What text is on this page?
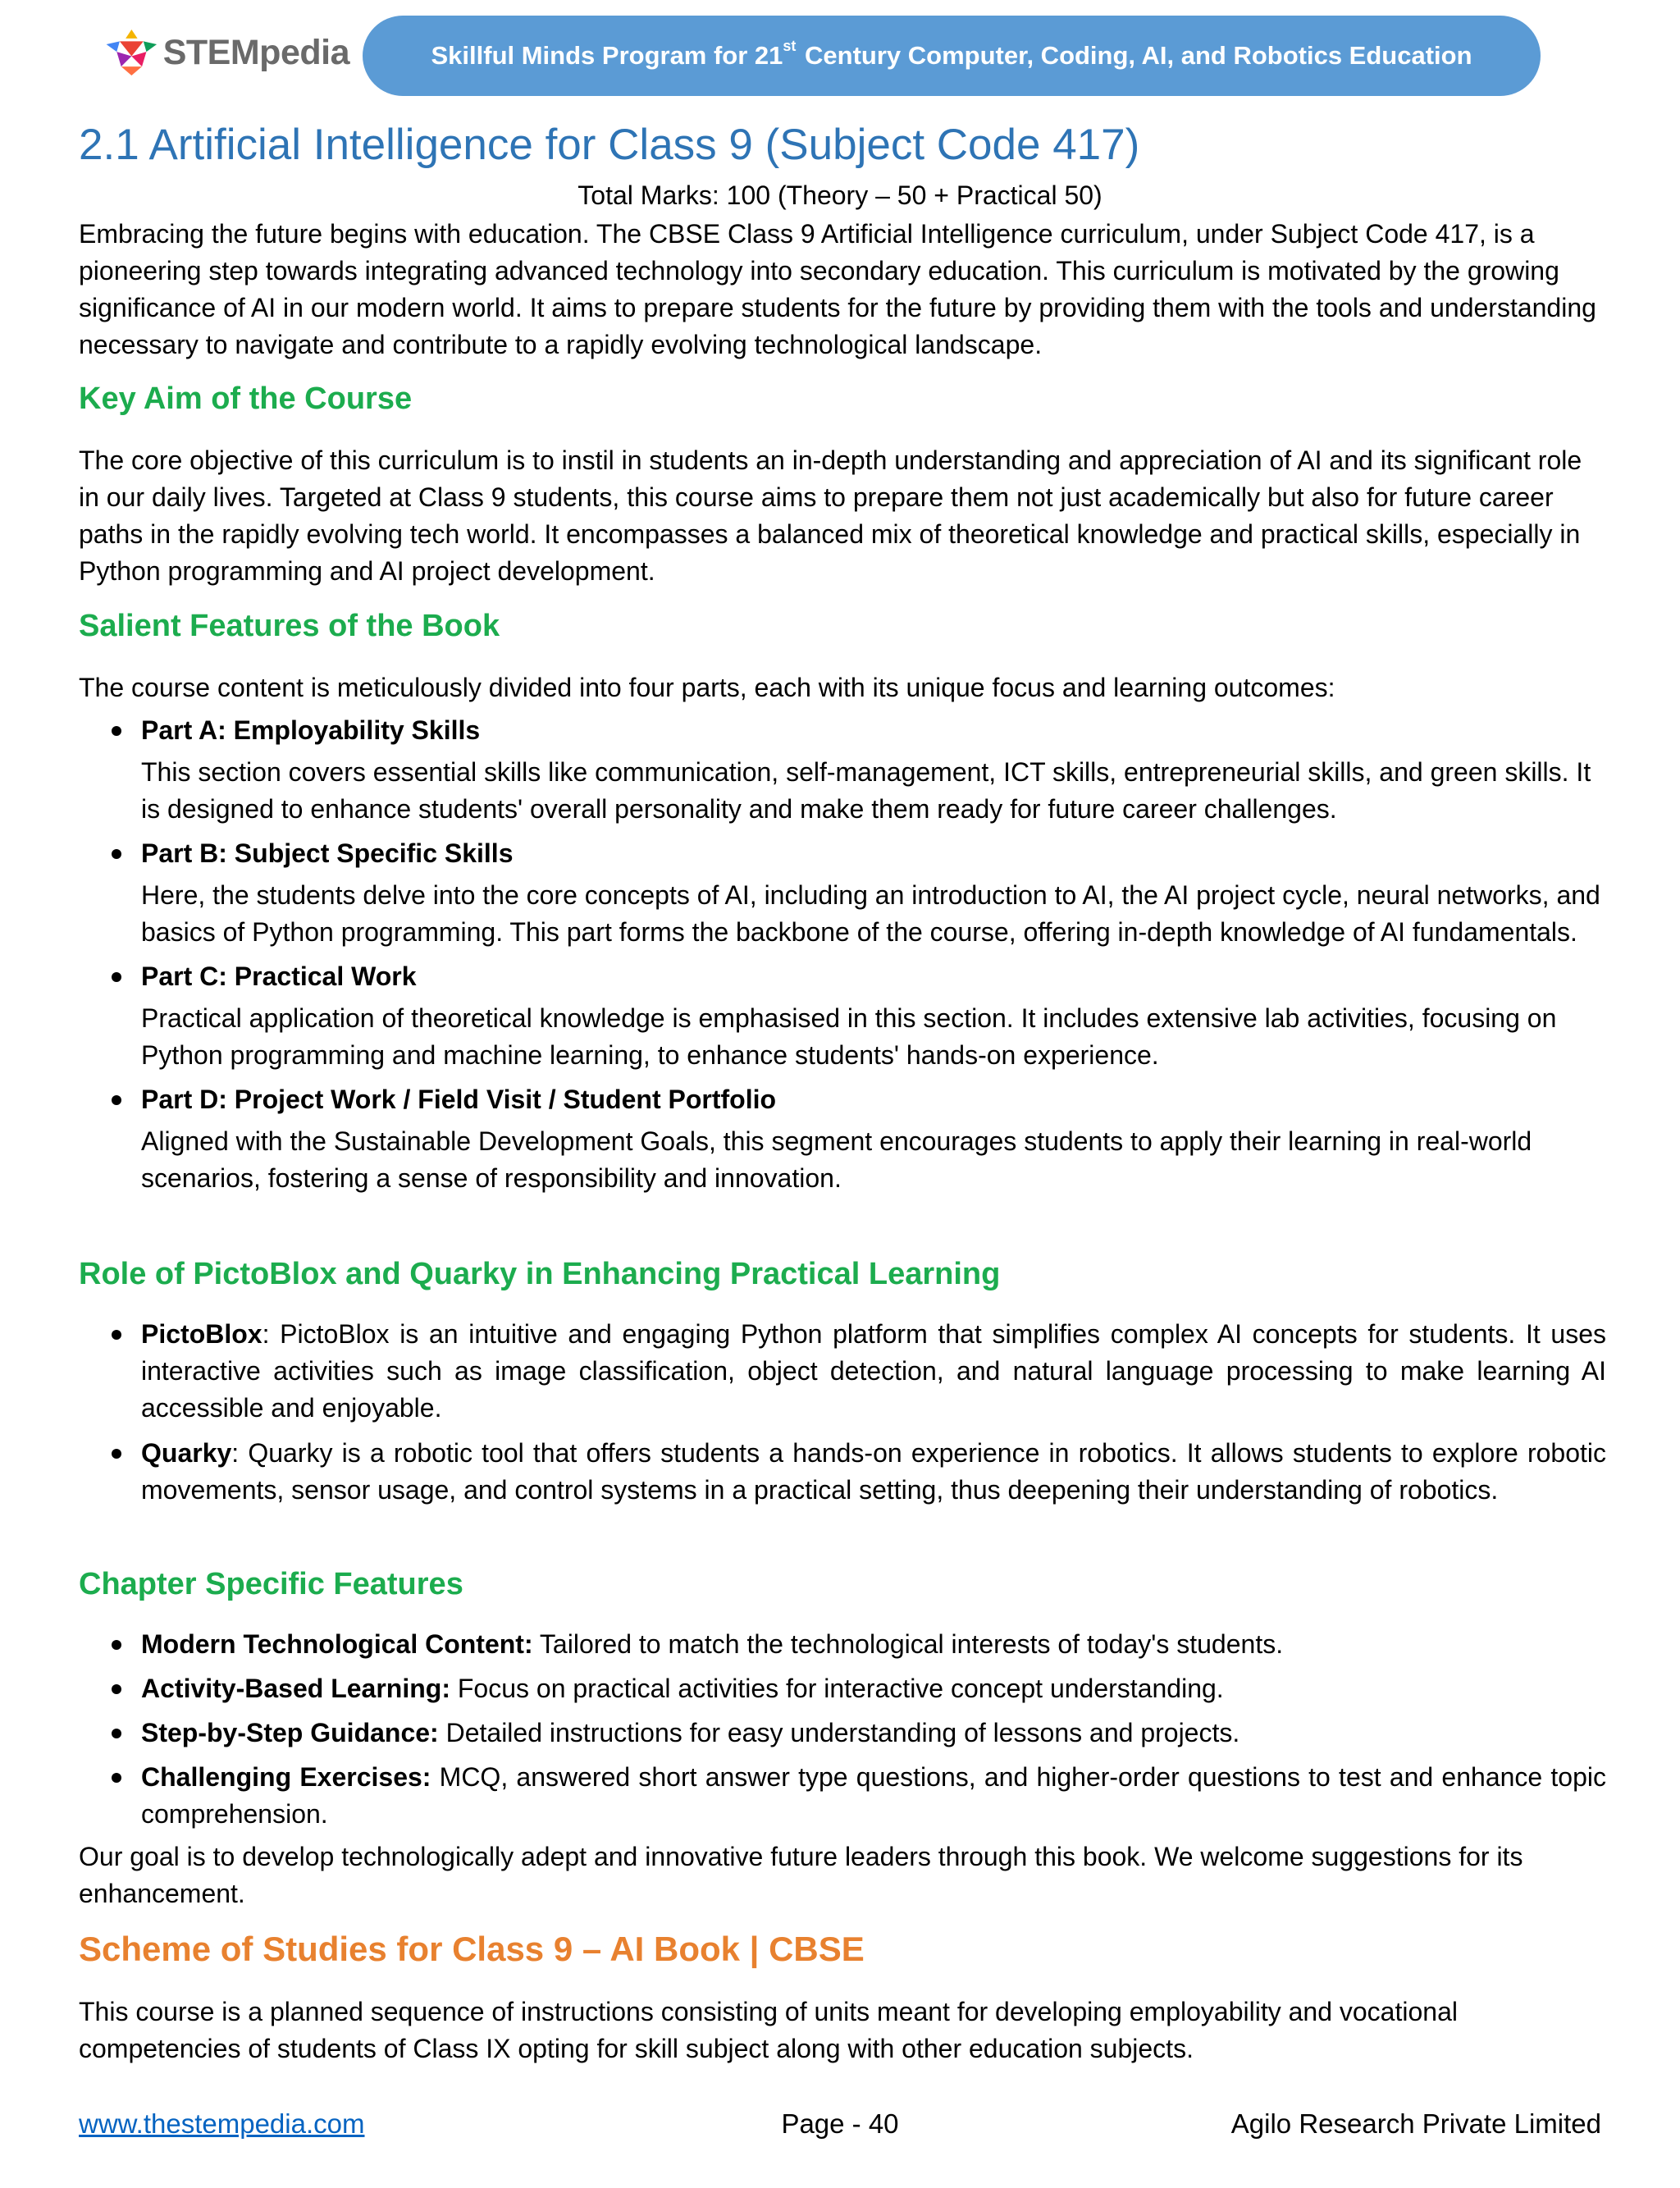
STEMpedia	Skillful Minds Program for 21st Century Computer, Coding, AI, and Robotics Education
2.1 Artificial Intelligence for Class 9 (Subject Code 417)
Total Marks: 100 (Theory – 50 + Practical 50)

Embracing the future begins with education. The CBSE Class 9 Artificial Intelligence curriculum, under Subject Code 417, is a pioneering step towards integrating advanced technology into secondary education. This curriculum is motivated by the growing significance of AI in our modern world. It aims to prepare students for the future by providing them with the tools and understanding necessary to navigate and contribute to a rapidly evolving technological landscape.

Key Aim of the Course

The core objective of this curriculum is to instil in students an in-depth understanding and appreciation of AI and its significant role in our daily lives. Targeted at Class 9 students, this course aims to prepare them not just academically but also for future career paths in the rapidly evolving tech world. It encompasses a balanced mix of theoretical knowledge and practical skills, especially in Python programming and AI project development.

Salient Features of the Book

The course content is meticulously divided into four parts, each with its unique focus and learning outcomes:

Part A: Employability Skills
This section covers essential skills like communication, self-management, ICT skills, entrepreneurial skills, and green skills. It is designed to enhance students' overall personality and make them ready for future career challenges.
Part B: Subject Specific Skills
Here, the students delve into the core concepts of AI, including an introduction to AI, the AI project cycle, neural networks, and basics of Python programming. This part forms the backbone of the course, offering in-depth knowledge of AI fundamentals.
Part C: Practical Work
Practical application of theoretical knowledge is emphasised in this section. It includes extensive lab activities, focusing on Python programming and machine learning, to enhance students' hands-on experience.
Part D: Project Work / Field Visit / Student Portfolio
Aligned with the Sustainable Development Goals, this segment encourages students to apply their learning in real-world scenarios, fostering a sense of responsibility and innovation.
Role of PictoBlox and Quarky in Enhancing Practical Learning
PictoBlox: PictoBlox is an intuitive and engaging Python platform that simplifies complex AI concepts for students. It uses interactive activities such as image classification, object detection, and natural language processing to make learning AI accessible and enjoyable.
Quarky: Quarky is a robotic tool that offers students a hands-on experience in robotics. It allows students to explore robotic movements, sensor usage, and control systems in a practical setting, thus deepening their understanding of robotics.
Chapter Specific Features
Modern Technological Content: Tailored to match the technological interests of today's students.
Activity-Based Learning: Focus on practical activities for interactive concept understanding.
Step-by-Step Guidance: Detailed instructions for easy understanding of lessons and projects.
Challenging Exercises: MCQ, answered short answer type questions, and higher-order questions to test and enhance topic comprehension.

Our goal is to develop technologically adept and innovative future leaders through this book. We welcome suggestions for its enhancement.

Scheme of Studies for Class 9 – AI Book | CBSE

This course is a planned sequence of instructions consisting of units meant for developing employability and vocational competencies of students of Class IX opting for skill subject along with other education subjects.

Page - 40
www.thestempedia.com	Agilo Research Private Limited
